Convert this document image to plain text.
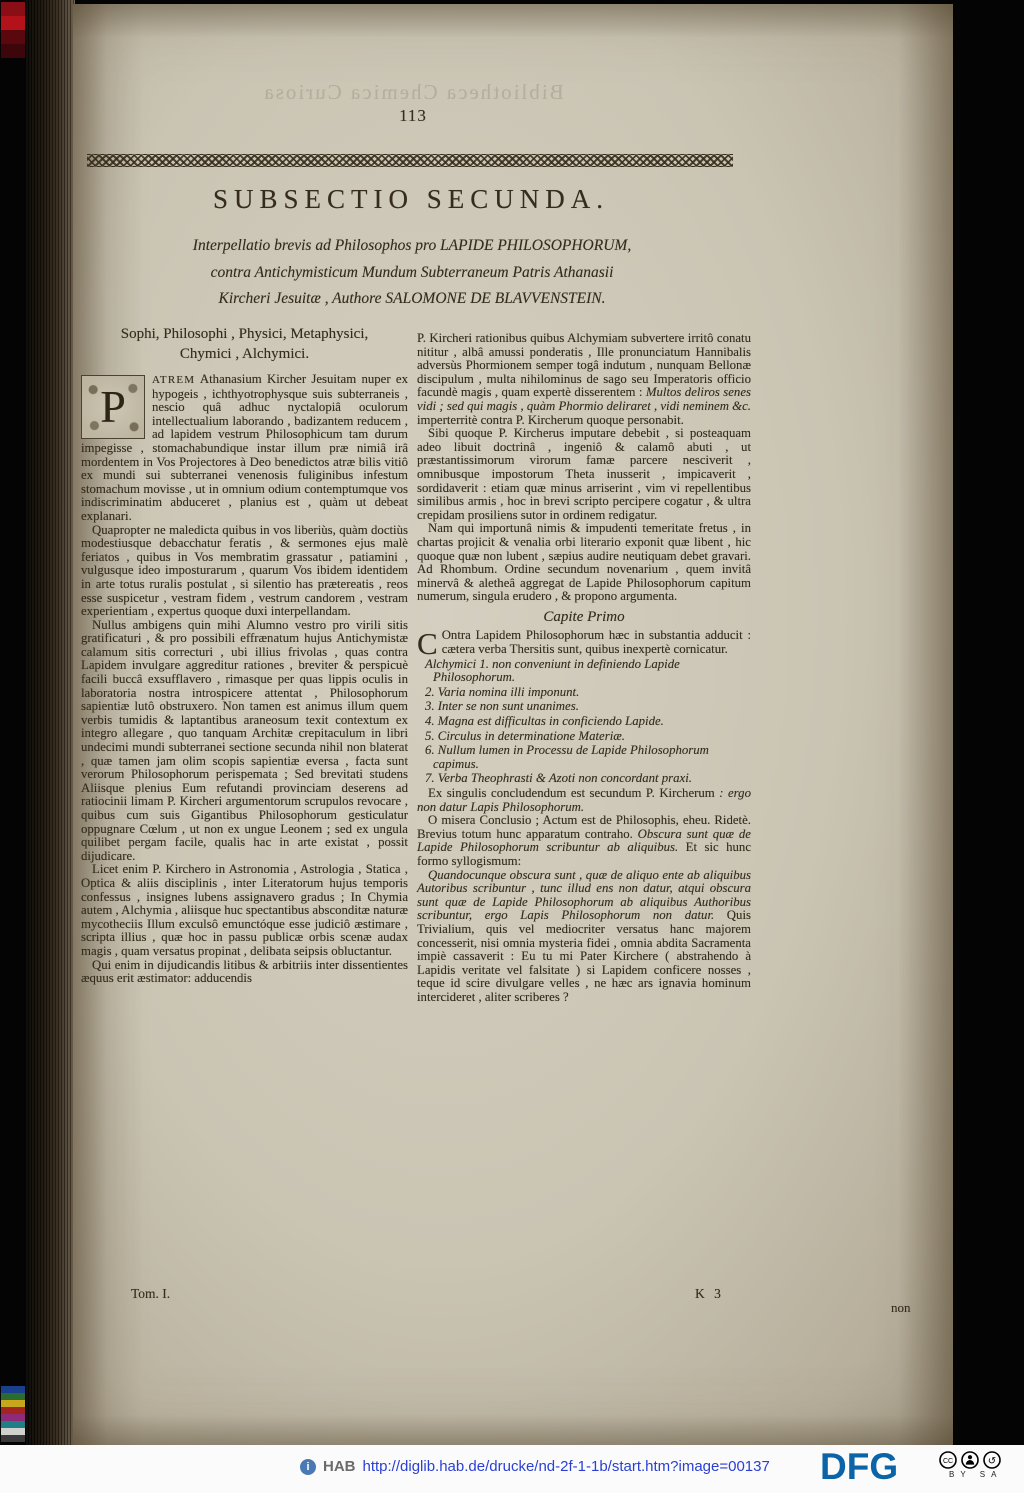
Bibliotheca Chemica Curiosa
113
SUBSECTIO SECUNDA.
Interpellatio brevis ad Philosophos pro LAPIDE PHILOSOPHORUM,
contra Antichymisticum Mundum Subterraneum Patris Athanasii
Kircheri Jesuitæ , Authore SALOMONE DE BLAVVENSTEIN.
Sophi, Philosophi , Physici, Metaphysici,
Chymici , Alchymici.

P
ATREM Athanasium Kircher Jesuitam nuper ex hypogeis , ichthyotrophysque suis subterraneis , nescio quâ adhuc nyctalopiâ oculorum intellectualium laborando , badizantem reducem , ad lapidem vestrum Philosophicum tam durum impegisse , stomachabundique instar illum præ nimiâ irâ mordentem in Vos Projectores à Deo benedictos atræ bilis vitiô ex mundi sui subterranei venenosis fuliginibus infestum stomachum movisse , ut in omnium odium contemptumque vos indiscriminatim abduceret , planius est , quàm ut debeat explanari.

Quapropter ne maledicta quibus in vos liberiùs, quàm doctiùs modestiusque debacchatur feratis , & sermones ejus malè feriatos , quibus in Vos membratim grassatur , patiamini , vulgusque ideo imposturarum , quarum Vos ibidem identidem in arte totus ruralis postulat , si silentio has prætereatis , reos esse suspicetur , vestram fidem , vestrum candorem , vestram experientiam , expertus quoque duxi interpellandam.

Nullus ambigens quin mihi Alumno vestro pro virili sitis gratificaturi , & pro possibili effrænatum hujus Antichymistæ calamum sitis correcturi , ubi illius frivolas , quas contra Lapidem invulgare aggreditur rationes , breviter & perspicuè facili buccâ exsufflavero , rimasque per quas lippis oculis in laboratoria nostra introspicere attentat , Philosophorum sapientiæ lutô obstruxero. Non tamen est animus illum quem verbis tumidis & laptantibus araneosum texit contextum ex integro allegare , quo tanquam Architæ crepitaculum in libri undecimi mundi subterranei sectione secunda nihil non blaterat , quæ tamen jam olim scopis sapientiæ eversa , facta sunt verorum Philosophorum perispemata ; Sed brevitati studens Aliisque plenius Eum refutandi provinciam deserens ad ratiocinii limam P. Kircheri argumentorum scrupulos revocare , quibus cum suis Gigantibus Philosophorum gesticulatur oppugnare Cœlum , ut non ex ungue Leonem ; sed ex ungula quilibet pergam facile, qualis hac in arte existat , possit dijudicare.

Licet enim P. Kirchero in Astronomia , Astrologia , Statica , Optica & aliis disciplinis , inter Literatorum hujus temporis confessus , insignes lubens assignavero gradus ; In Chymia autem , Alchymia , aliisque huc spectantibus absconditæ naturæ mycotheciis Illum exculsô emunctóque esse judiciô æstimare , scripta illius , quæ hoc in passu publicæ orbis scenæ audax magis , quam versatus propinat , delibata seipsis obluctantur.

Qui enim in dijudicandis litibus & arbitriis inter dissentientes æquus erit æstimator: adducendis

P. Kircheri rationibus quibus Alchymiam subvertere irritô conatu nititur , albâ amussi ponderatis , Ille pronunciatum Hannibalis adversùs Phormionem semper togâ indutum , nunquam Bellonæ discipulum , multa nihilominus de sago seu Imperatoris officio facundè magis , quam expertè disserentem : Multos deliros senes vidi ; sed qui magis , quàm Phormio deliraret , vidi neminem &c. imperterritè contra P. Kircherum quoque personabit.

Sibi quoque P. Kircherus imputare debebit , si posteaquam adeo libuit doctrinâ , ingeniô & calamô abuti , ut præstantissimorum virorum famæ parcere nesciverit , omnibusque impostorum Theta inusserit , impicaverit , sordidaverit : etiam quæ minus arriserint , vim vi repellentibus similibus armis , hoc in brevi scripto percipere cogatur , & ultra crepidam prosiliens sutor in ordinem redigatur.

Nam qui importunâ nimis & impudenti temeritate fretus , in chartas projicit & venalia orbi literario exponit quæ libent , hic quoque quæ non lubent , sæpius audire neutiquam debet gravari. Ad Rhombum. Ordine secundum novenarium , quem invitâ minervâ & aletheâ aggregat de Lapide Philosophorum capitum numerum, singula erudero , & propono argumenta.

Capite Primo

C Ontra Lapidem Philosophorum hæc in substantia adducit : cætera verba Thersitis sunt, quibus inexpertè cornicatur.

Alchymici 1. non conveniunt in definiendo Lapide Philosophorum.
2. Varia nomina illi imponunt.
3. Inter se non sunt unanimes.
4. Magna est difficultas in conficiendo Lapide.
5. Circulus in determinatione Materiæ.
6. Nullum lumen in Processu de Lapide Philosophorum capimus.
7. Verba Theophrasti & Azoti non concordant praxi.

Ex singulis concludendum est secundum P. Kircherum : ergo non datur Lapis Philosophorum.

O misera Conclusio ; Actum est de Philosophis, eheu. Ridetè. Brevius totum hunc apparatum contraho. Obscura sunt quæ de Lapide Philosophorum scribuntur ab aliquibus. Et sic hunc formo syllogismum:

Quandocunque obscura sunt , quæ de aliquo ente ab aliquibus Autoribus scribuntur , tunc illud ens non datur, atqui obscura sunt quæ de Lapide Philosophorum ab aliquibus Authoribus scribuntur, ergo Lapis Philosophorum non datur. Quis Trivialium, quis vel mediocriter versatus hanc majorem concesserit, nisi omnia mysteria fidei , omnia abdita Sacramenta impiè cassaverit : Eu tu mi Pater Kirchere ( abstrahendo à Lapidis veritate vel falsitate ) si Lapidem conficere nosses , teque id scire divulgare velles , ne hæc ars ignavia hominum intercideret , aliter scriberes ?

Tom. I.	K 3
non
i HAB http://diglib.hab.de/drucke/nd-2f-1-1b/start.htm?image=00137 DFG	CC	↺
BY SA
